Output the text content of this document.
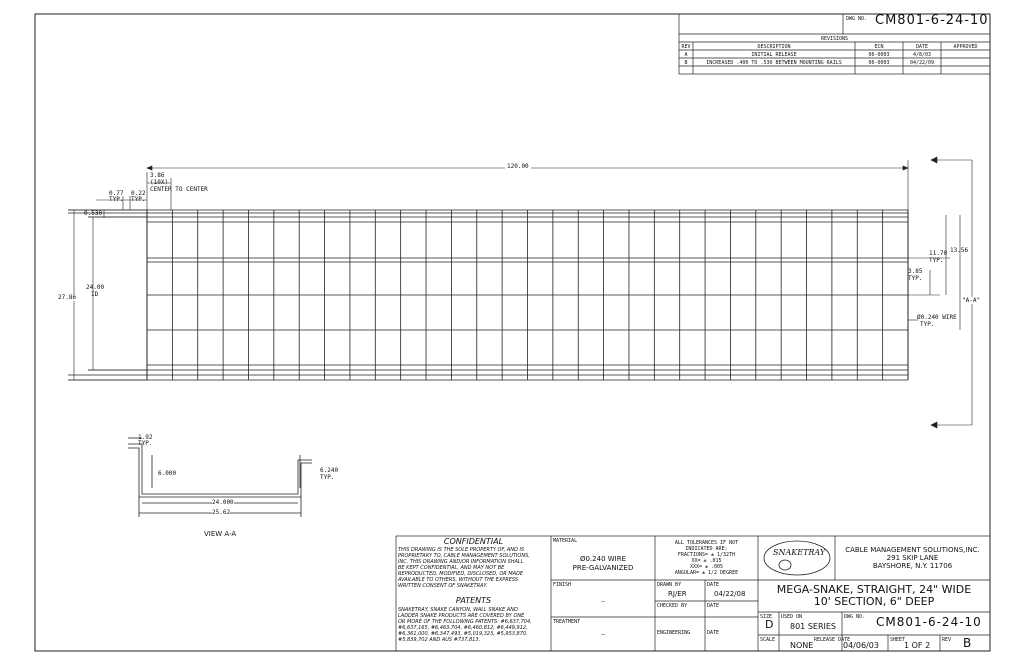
DWG NO. CM801-6-24-10
REVISIONS
REV	DESCRIPTION	ECN	DATE	APPROVED
A	INITIAL RELEASE	06-0003	4/8/03
B	INCREASED .400 TO .530 BETWEEN MOUNTING RAILS	06-0003	04/22/09
120.00
3.86
(10X)
CENTER TO CENTER
0.77
TYP.
0.22
TYP.
0.530
24.00
ID
27.86
11.70
TYP.
13.56
3.85
TYP.
Ø0.240 WIRE
TYP.
"A-A"
1.92
TYP.
6.000	6.240
TYP.
24.000
25.62
VIEW A-A
CONFIDENTIAL
THIS DRAWING IS THE SOLE PROPERTY OF, AND IS
PROPRIETARY TO, CABLE MANAGEMENT SOLUTIONS,
INC. THIS DRAWING AND/OR INFORMATION SHALL
BE KEPT CONFIDENTIAL, AND MAY NOT BE
REPRODUCTED, MODIFIED, DISCLOSED, OR MADE
AVAILABLE TO OTHERS, WITHOUT THE EXPRESS
WRITTEN CONSENT OF SNAKETRAY.
PATENTS
SNAKETRAY, SNAKE CANYON, WALL SNAKE AND
LADDER SNAKE PRODUCTS ARE COVERED BY ONE
OR MORE OF THE FOLLOWING PATENTS: #6,637,704,
#6,637,165, #6,463,704, #6,460,812, #6,449,912,
#6,361,000, #6,347,493, #5,019,323, #5,953,870,
#5,839,702 AND AUS #737,813.
MATERIAL
Ø0.240 WIRE
PRE-GALVANIZED
FINISH
–
TREATMENT
–
ALL TOLERANCES IF NOT
INDICATED ARE:
FRACTIONS= ± 1/32TH
XX= ± .015
XXX= ± .005
ANGULAR= ± 1/2 DEGREE
DRAWN BY
RJ/ER
DATE
04/22/08
CHECKED BY	DATE
ENGINEERING	DATE
SNAKETRAY	CABLE MANAGEMENT SOLUTIONS,INC.
291 SKIP LANE
BAYSHORE, N.Y. 11706
MEGA-SNAKE, STRAIGHT, 24" WIDE
10' SECTION, 6" DEEP
SIZE
D
USED ON
801 SERIES
DWG NO. CM801-6-24-10
SCALE
NONE
RELEASE DATE
04/06/03
SHEET
1 OF 2
REV B
